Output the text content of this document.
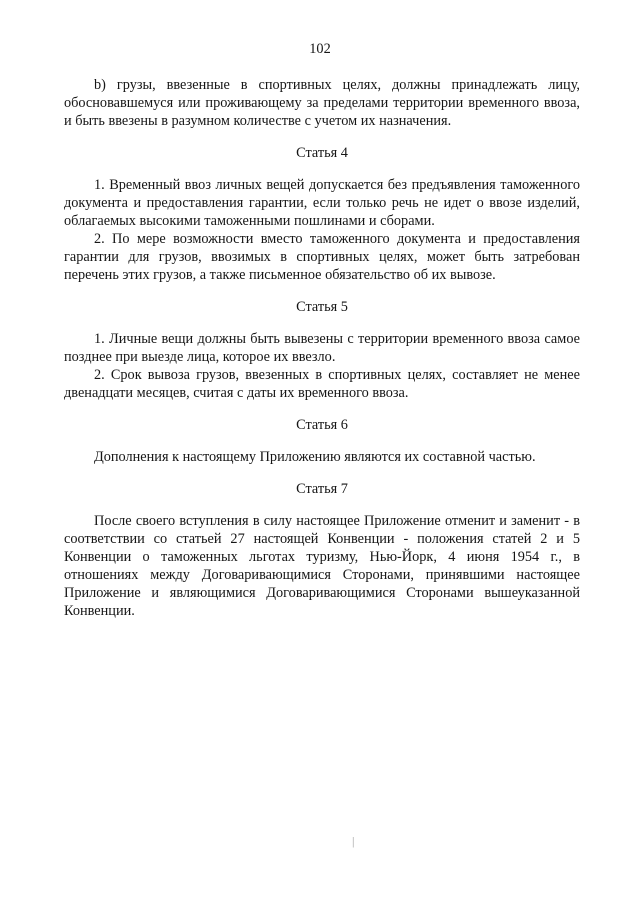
102

b) грузы, ввезенные в спортивных целях, должны принадлежать лицу, обосновавшемуся или проживающему за пределами территории временного ввоза, и быть ввезены в разумном количестве с учетом их назначения.

Статья 4

1. Временный ввоз личных вещей допускается без предъявления таможенного документа и предоставления гарантии, если только речь не идет о ввозе изделий, облагаемых высокими таможенными пошлинами и сборами.

2. По мере возможности вместо таможенного документа и предоставления гарантии для грузов, ввозимых в спортивных целях, может быть затребован перечень этих грузов, а также письменное обязательство об их вывозе.

Статья 5

1. Личные вещи должны быть вывезены с территории временного ввоза самое позднее при выезде лица, которое их ввезло.

2. Срок вывоза грузов, ввезенных в спортивных целях, составляет не менее двенадцати месяцев, считая с даты их временного ввоза.

Статья 6

Дополнения к настоящему Приложению являются их составной частью.

Статья 7

После своего вступления в силу настоящее Приложение отменит и заменит - в соответствии со статьей 27 настоящей Конвенции - положения статей 2 и 5 Конвенции о таможенных льготах туризму, Нью-Йорк, 4 июня 1954 г., в отношениях между Договаривающимися Сторонами, принявшими настоящее Приложение и являющимися Договаривающимися Сторонами вышеуказанной Конвенции.

|
